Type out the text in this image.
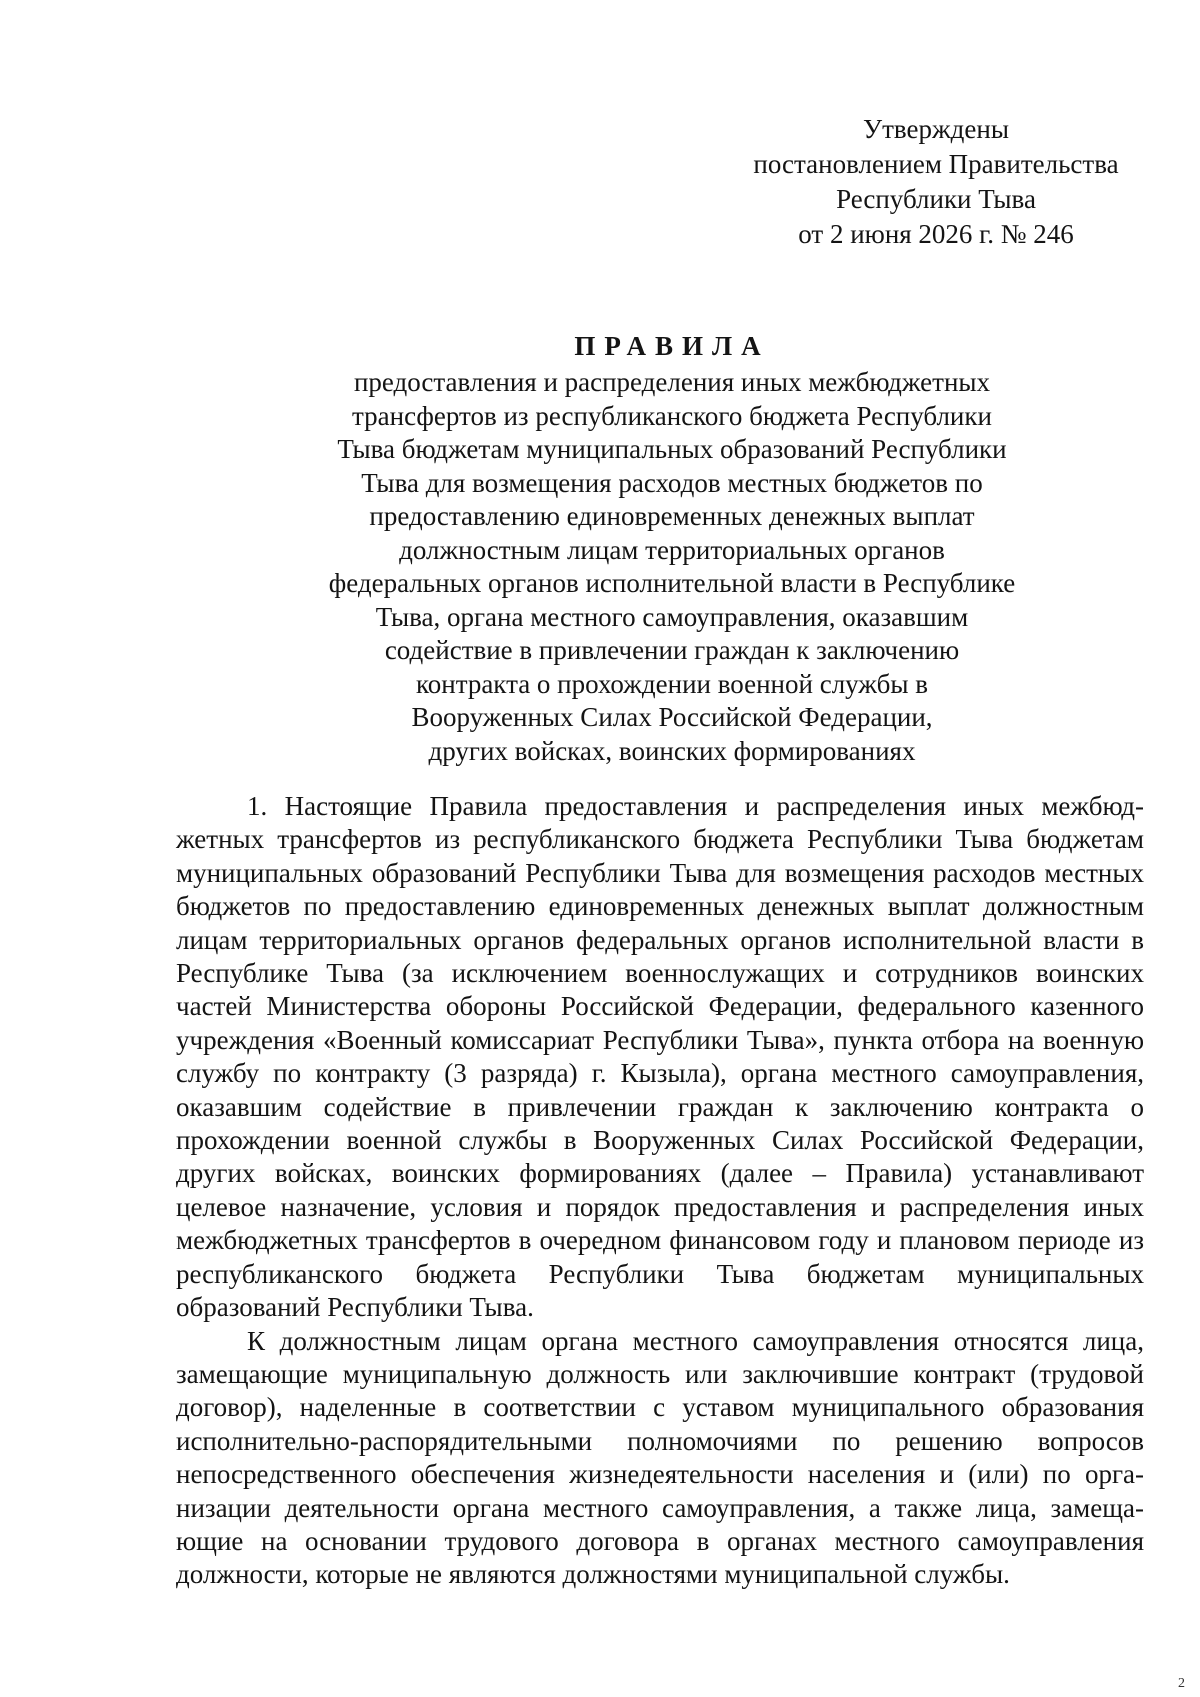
Утверждены
постановлением Правительства
Республики Тыва
от 2 июня 2026 г. № 246
ПРАВИЛА
предоставления и распределения иных межбюджетных
трансфертов из республиканского бюджета Республики
Тыва бюджетам муниципальных образований Республики
Тыва для возмещения расходов местных бюджетов по
предоставлению единовременных денежных выплат
должностным лицам территориальных органов
федеральных органов исполнительной власти в Республике
Тыва, органа местного самоуправления, оказавшим
содействие в привлечении граждан к заключению
контракта о прохождении военной службы в
Вооруженных Силах Российской Федерации,
других войсках, воинских формированиях

1. Настоящие Правила предоставления и распределения иных межбюджетных трансфертов из республиканского бюджета Республики Тыва бюджетам муниципальных образований Республики Тыва для возмещения расходов местных бюджетов по предоставлению единовременных денежных выплат должностным лицам территориальных органов федеральных органов исполнительной власти в Республике Тыва (за исключением военнослужащих и сотрудников воинских частей Министерства обороны Российской Федерации, федерального казенного учреждения «Военный комиссариат Республики Тыва», пункта отбора на военную службу по контракту (3 разряда) г. Кызыла), органа местного самоуправления, оказавшим содействие в привлечении граждан к заключению контракта о прохождении военной службы в Вооруженных Силах Российской Федерации, других войсках, воинских формированиях (далее – Правила) устанавливают целевое назначение, условия и порядок предоставления и распределения иных межбюджетных трансфертов в очередном финансовом году и плановом периоде из республиканского бюджета Республики Тыва бюджетам муниципальных образований Республики Тыва.

К должностным лицам органа местного самоуправления относятся лица, замещающие муниципальную должность или заключившие контракт (трудовой договор), наделенные в соответствии с уставом муниципального образования исполнительно-распорядительными полномочиями по решению вопросов непосредственного обеспечения жизнедеятельности населения и (или) по организации деятельности органа местного самоуправления, а также лица, замещающие на основании трудового договора в органах местного самоуправления должности, которые не являются должностями муниципальной службы.

2
